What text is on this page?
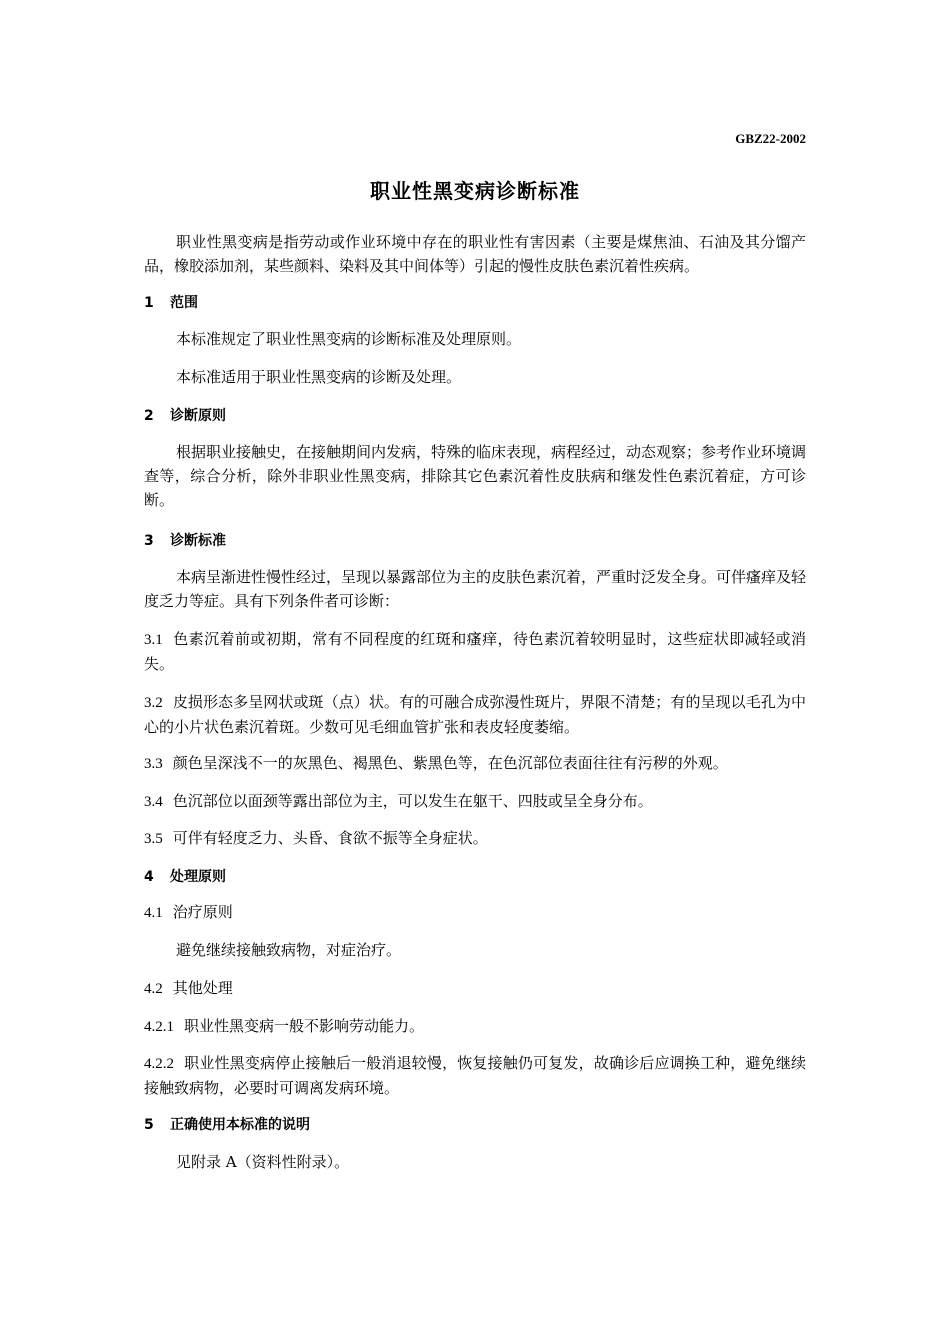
GBZ22-2002
职业性黑变病诊断标准
职业性黑变病是指劳动或作业环境中存在的职业性有害因素（主要是煤焦油、石油及其分馏产品，橡胶添加剂，某些颜料、染料及其中间体等）引起的慢性皮肤色素沉着性疾病。
1 范围
本标准规定了职业性黑变病的诊断标准及处理原则。
本标准适用于职业性黑变病的诊断及处理。
2 诊断原则
根据职业接触史，在接触期间内发病，特殊的临床表现，病程经过，动态观察；参考作业环境调查等，综合分析，除外非职业性黑变病，排除其它色素沉着性皮肤病和继发性色素沉着症，方可诊断。
3 诊断标准
本病呈渐进性慢性经过，呈现以暴露部位为主的皮肤色素沉着，严重时泛发全身。可伴瘙痒及轻度乏力等症。具有下列条件者可诊断：
3.1 色素沉着前或初期，常有不同程度的红斑和瘙痒，待色素沉着较明显时，这些症状即减轻或消失。
3.2 皮损形态多呈网状或斑（点）状。有的可融合成弥漫性斑片，界限不清楚；有的呈现以毛孔为中心的小片状色素沉着斑。少数可见毛细血管扩张和表皮轻度萎缩。
3.3 颜色呈深浅不一的灰黑色、褐黑色、紫黑色等，在色沉部位表面往往有污秽的外观。
3.4 色沉部位以面颈等露出部位为主，可以发生在躯干、四肢或呈全身分布。
3.5 可伴有轻度乏力、头昏、食欲不振等全身症状。
4 处理原则
4.1 治疗原则
避免继续接触致病物，对症治疗。
4.2 其他处理
4.2.1 职业性黑变病一般不影响劳动能力。
4.2.2 职业性黑变病停止接触后一般消退较慢，恢复接触仍可复发，故确诊后应调换工种，避免继续接触致病物，必要时可调离发病环境。
5 正确使用本标准的说明
见附录 A（资料性附录）。
